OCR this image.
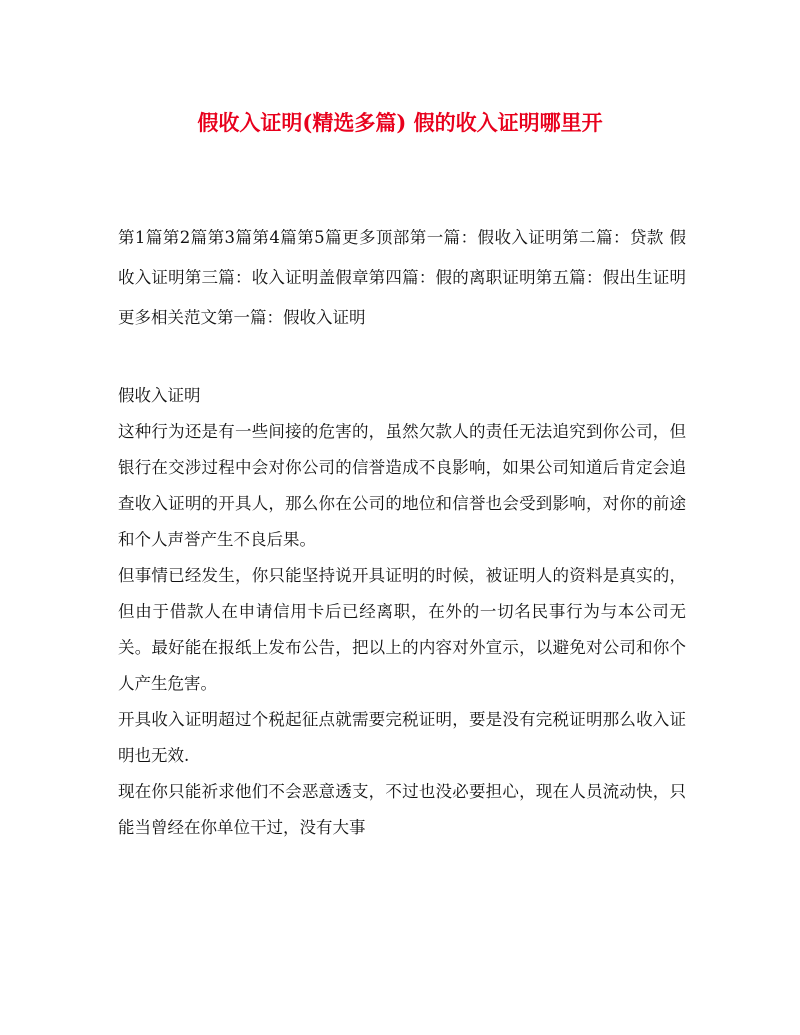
假收入证明(精选多篇) 假的收入证明哪里开
第1篇第2篇第3篇第4篇第5篇更多顶部第一篇：假收入证明第二篇：贷款 假收入证明第三篇：收入证明盖假章第四篇：假的离职证明第五篇：假出生证明更多相关范文第一篇：假收入证明

假收入证明

这种行为还是有一些间接的危害的，虽然欠款人的责任无法追究到你公司，但银行在交涉过程中会对你公司的信誉造成不良影响，如果公司知道后肯定会追查收入证明的开具人，那么你在公司的地位和信誉也会受到影响，对你的前途和个人声誉产生不良后果。

但事情已经发生，你只能坚持说开具证明的时候，被证明人的资料是真实的，但由于借款人在申请信用卡后已经离职，在外的一切名民事行为与本公司无关。最好能在报纸上发布公告，把以上的内容对外宣示，以避免对公司和你个人产生危害。

开具收入证明超过个税起征点就需要完税证明，要是没有完税证明那么收入证明也无效.

现在你只能祈求他们不会恶意透支，不过也没必要担心，现在人员流动快，只能当曾经在你单位干过，没有大事
